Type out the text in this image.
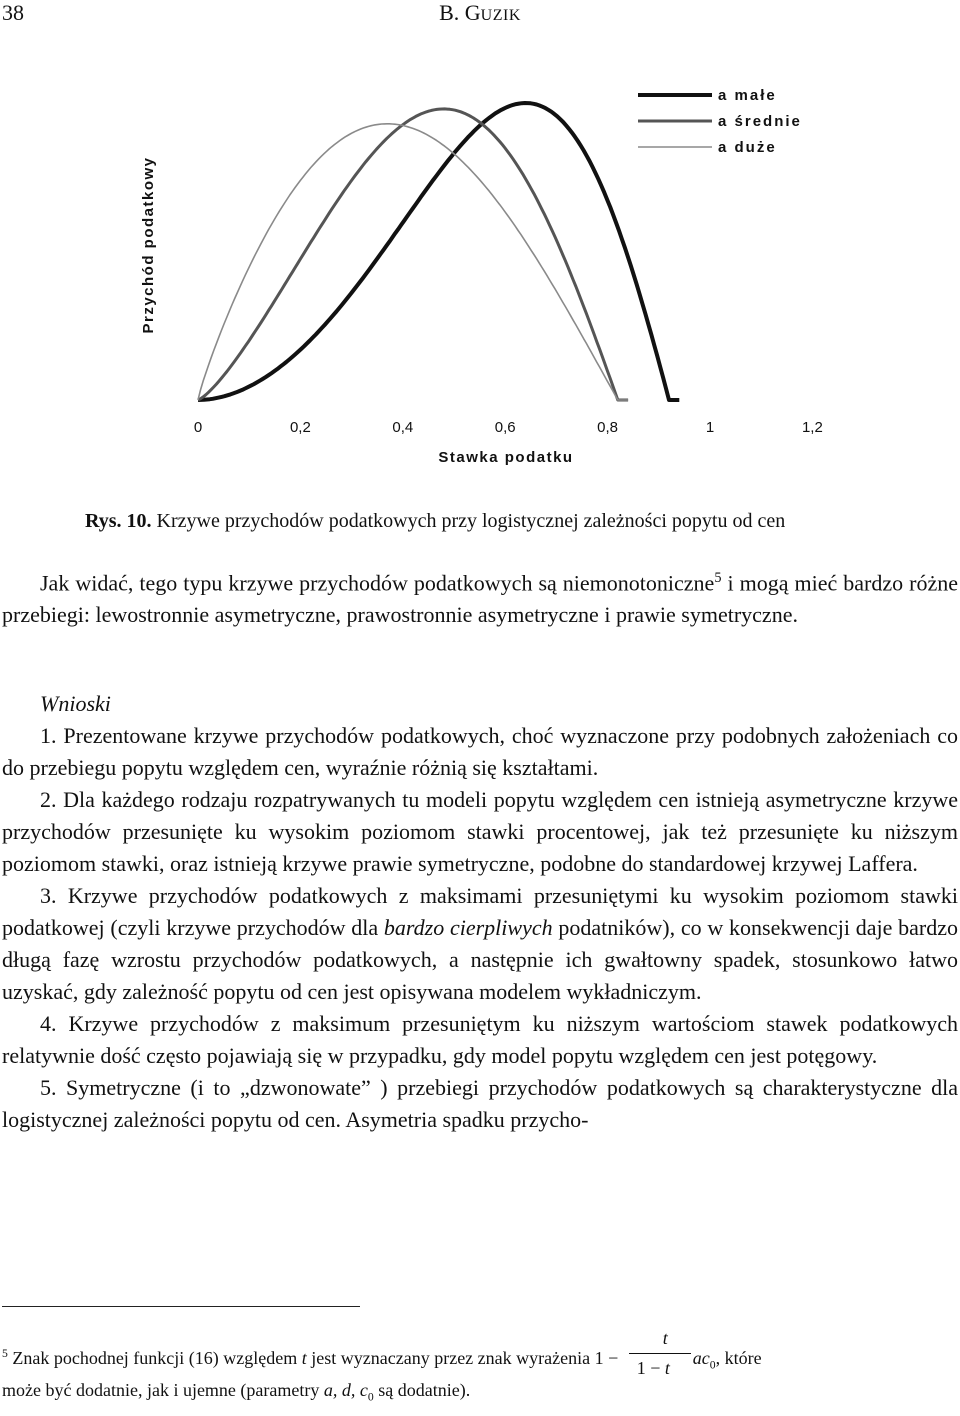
38	B. GUZIK
a małe
a średnie
a duże
Przychód podatkowy
0	0,2	0,4	0,6	0,8	1	1,2
Stawka podatku
Rys. 10. Krzywe przychodów podatkowych przy logistycznej zależności popytu od cen

Jak widać, tego typu krzywe przychodów podatkowych są niemonotoniczne$^5$ i mogą mieć bardzo różne przebiegi: lewostronnie asymetryczne, prawostronnie asymetryczne i prawie symetryczne.

Wnioski

1. Prezentowane krzywe przychodów podatkowych, choć wyznaczone przy podobnych założeniach co do przebiegu popytu względem cen, wyraźnie różnią się kształtami.

2. Dla każdego rodzaju rozpatrywanych tu modeli popytu względem cen istnieją asymetryczne krzywe przychodów przesunięte ku wysokim poziomom stawki procentowej, jak też przesunięte ku niższym poziomom stawki, oraz istnieją krzywe prawie symetryczne, podobne do standardowej krzywej Laffera.

3. Krzywe przychodów podatkowych z maksimami przesuniętymi ku wysokim poziomom stawki podatkowej (czyli krzywe przychodów dla bardzo cierpliwych podatników), co w konsekwencji daje bardzo długą fazę wzrostu przychodów podatkowych, a następnie ich gwałtowny spadek, stosunkowo łatwo uzyskać, gdy zależność popytu od cen jest opisywana modelem wykładniczym.

4. Krzywe przychodów z maksimum przesuniętym ku niższym wartościom stawek podatkowych relatywnie dość często pojawiają się w przypadku, gdy model popytu względem cen jest potęgowy.

5. Symetryczne (i to „dzwonowate” ) przebiegi przychodów podatkowych są charakterystyczne dla logistycznej zależności popytu od cen. Asymetria spadku przycho-

$^5$ Znak pochodnej funkcji (16) względem t jest wyznaczany przez znak wyrażenia $1 - \frac{t}{1 - t} ac_0$, które
może być dodatnie, jak i ujemne (parametry a, d, $c_0$ są dodatnie).
